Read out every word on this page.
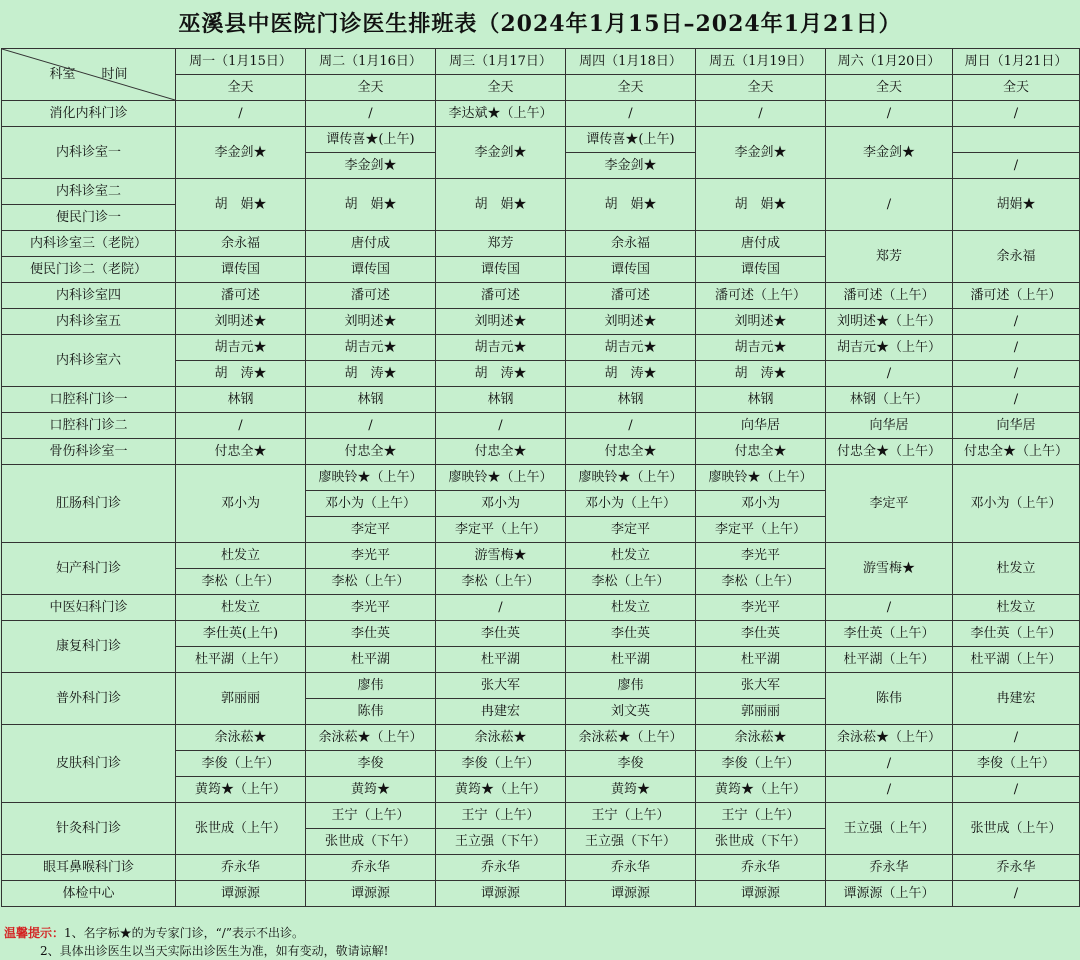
巫溪县中医院门诊医生排班表（2024年1月15日–2024年1月21日）
科室　　时间	周一（1月15日）	周二（1月16日）	周三（1月17日）	周四（1月18日）	周五（1月19日）	周六（1月20日）	周日（1月21日）
	全天	全天	全天	全天	全天	全天	全天
消化内科门诊	/	/	李达斌★（上午）	/	/	/	/
内科诊室一	李金剑★	谭传喜★(上午)	李金剑★	谭传喜★(上午)	李金剑★	李金剑★	
		李金剑★		李金剑★			/
内科诊室二	胡　娟★	胡　娟★	胡　娟★	胡　娟★	胡　娟★	/	胡娟★
便民门诊一							
内科诊室三（老院）	余永福	唐付成	郑芳	余永福	唐付成	郑芳	余永福
便民门诊二（老院）	谭传国	谭传国	谭传国	谭传国	谭传国		
内科诊室四	潘可述	潘可述	潘可述	潘可述	潘可述（上午）	潘可述（上午）	潘可述（上午）
内科诊室五	刘明述★	刘明述★	刘明述★	刘明述★	刘明述★	刘明述★（上午）	/
内科诊室六	胡吉元★	胡吉元★	胡吉元★	胡吉元★	胡吉元★	胡吉元★（上午）	/
	胡　涛★	胡　涛★	胡　涛★	胡　涛★	胡　涛★	/	/
口腔科门诊一	林钢	林钢	林钢	林钢	林钢	林钢（上午）	/
口腔科门诊二	/	/	/	/	向华居	向华居	向华居
骨伤科诊室一	付忠全★	付忠全★	付忠全★	付忠全★	付忠全★	付忠全★（上午）	付忠全★（上午）
肛肠科门诊	邓小为	廖映铃★（上午）	廖映铃★（上午）	廖映铃★（上午）	廖映铃★（上午）	李定平	邓小为（上午）
		邓小为（上午）	邓小为	邓小为（上午）	邓小为		
		李定平	李定平（上午）	李定平	李定平（上午）		
妇产科门诊	杜发立	李光平	游雪梅★	杜发立	李光平	游雪梅★	杜发立
	李松（上午）	李松（上午）	李松（上午）	李松（上午）	李松（上午）		
中医妇科门诊	杜发立	李光平	/	杜发立	李光平	/	杜发立
康复科门诊	李仕英(上午)	李仕英	李仕英	李仕英	李仕英	李仕英（上午）	李仕英（上午）
	杜平湖（上午）	杜平湖	杜平湖	杜平湖	杜平湖	杜平湖（上午）	杜平湖（上午）
普外科门诊	郭丽丽	廖伟	张大军	廖伟	张大军	陈伟	冉建宏
		陈伟	冉建宏	刘文英	郭丽丽		
皮肤科门诊	余泳菘★	余泳菘★（上午）	余泳菘★	余泳菘★（上午）	余泳菘★	余泳菘★（上午）	/
	李俊（上午）	李俊	李俊（上午）	李俊	李俊（上午）	/	李俊（上午）
	黄筠★（上午）	黄筠★	黄筠★（上午）	黄筠★	黄筠★（上午）	/	/
针灸科门诊	张世成（上午）	王宁（上午）	王宁（上午）	王宁（上午）	王宁（上午）	王立强（上午）	张世成（上午）
		张世成（下午）	王立强（下午）	王立强（下午）	张世成（下午）		
眼耳鼻喉科门诊	乔永华	乔永华	乔永华	乔永华	乔永华	乔永华	乔永华
体检中心	谭源源	谭源源	谭源源	谭源源	谭源源	谭源源（上午）	/
温馨提示：1、名字标★的为专家门诊，“/”表示不出诊。
2、具体出诊医生以当天实际出诊医生为准，如有变动，敬请谅解!
